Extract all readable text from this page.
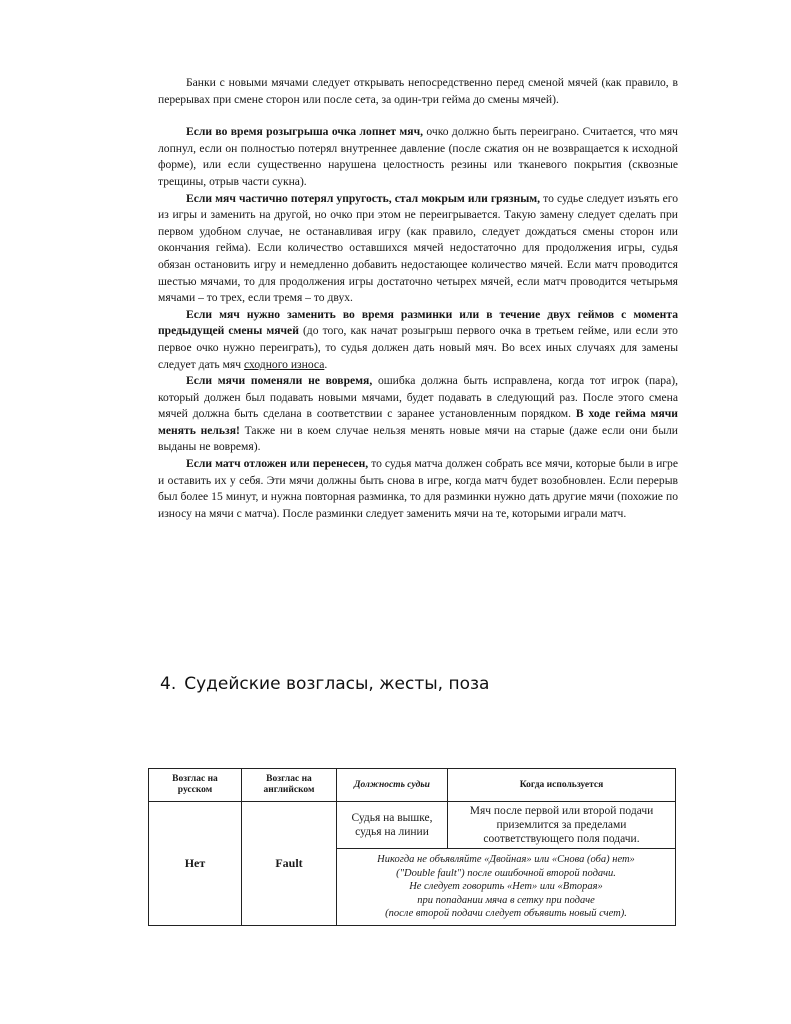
Банки с новыми мячами следует открывать непосредственно перед сменой мячей (как правило, в перерывах при смене сторон или после сета, за один-три гейма до смены мячей).

Если во время розыгрыша очка лопнет мяч, очко должно быть переиграно. Считается, что мяч лопнул, если он полностью потерял внутреннее давление (после сжатия он не возвращается к исходной форме), или если существенно нарушена целостность резины или тканевого покрытия (сквозные трещины, отрыв части сукна).

Если мяч частично потерял упругость, стал мокрым или грязным, то судье следует изъять его из игры и заменить на другой, но очко при этом не переигрывается. Такую замену следует сделать при первом удобном случае, не останавливая игру (как правило, следует дождаться смены сторон или окончания гейма). Если количество оставшихся мячей недостаточно для продолжения игры, судья обязан остановить игру и немедленно добавить недостающее количество мячей. Если матч проводится шестью мячами, то для продолжения игры достаточно четырех мячей, если матч проводится четырьмя мячами – то трех, если тремя – то двух.

Если мяч нужно заменить во время разминки или в течение двух геймов с момента предыдущей смены мячей (до того, как начат розыгрыш первого очка в третьем гейме, или если это первое очко нужно переиграть), то судья должен дать новый мяч. Во всех иных случаях для замены следует дать мяч сходного износа.

Если мячи поменяли не вовремя, ошибка должна быть исправлена, когда тот игрок (пара), который должен был подавать новыми мячами, будет подавать в следующий раз. После этого смена мячей должна быть сделана в соответствии с заранее установленным порядком. В ходе гейма мячи менять нельзя! Также ни в коем случае нельзя менять новые мячи на старые (даже если они были выданы не вовремя).

Если матч отложен или перенесен, то судья матча должен собрать все мячи, которые были в игре и оставить их у себя. Эти мячи должны быть снова в игре, когда матч будет возобновлен. Если перерыв был более 15 минут, и нужна повторная разминка, то для разминки нужно дать другие мячи (похожие по износу на мячи с матча). После разминки следует заменить мячи на те, которыми играли матч.

4. Судейские возгласы, жесты, поза
Возглас на русском	Возглас на английском	Должность судьи	Когда используется
Нет	Fault	Судья на вышке, судья на линии	Мяч после первой или второй подачи приземлится за пределами соответствующего поля подачи.

		Никогда не объявляйте «Двойная» или «Снова (оба) нет»
("Double fault") после ошибочной второй подачи.
Не следует говорить «Нет» или «Вторая»
при попадании мяча в сетку при подаче
(после второй подачи следует объявить новый счет).	
